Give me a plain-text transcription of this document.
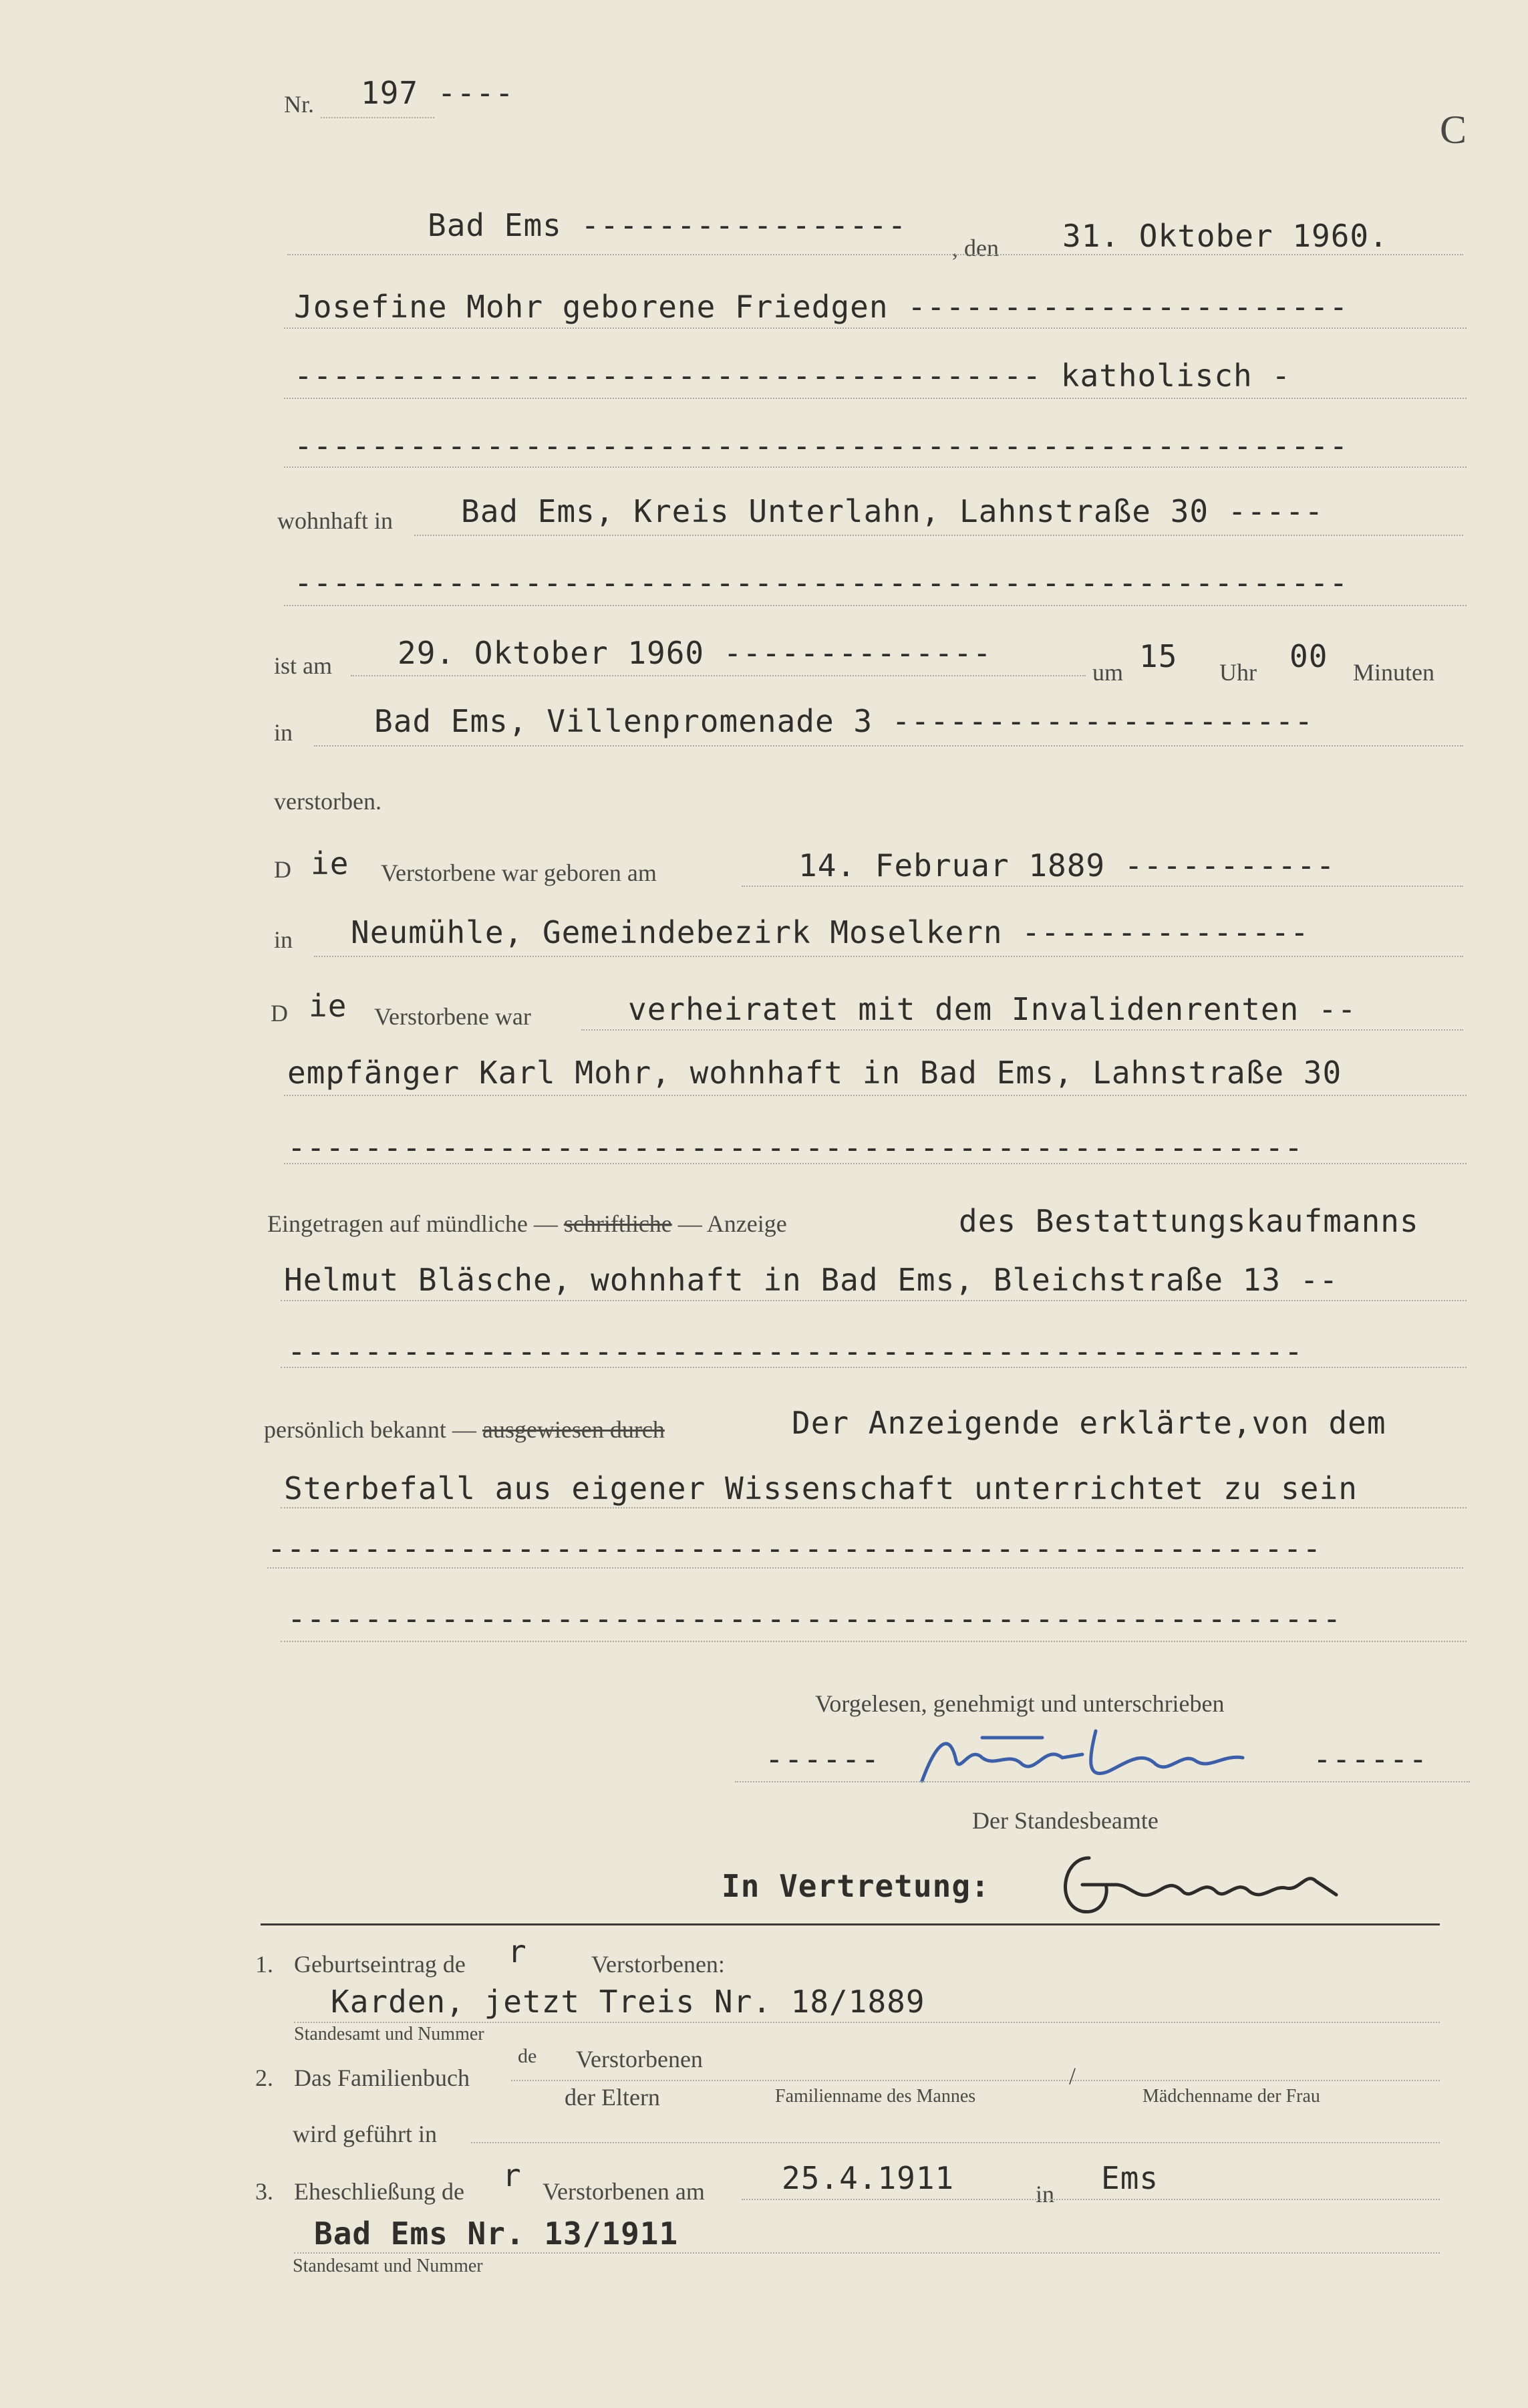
Nr. 197 ----
C
Bad Ems -----------------
, den 31. Oktober 1960.
Josefine Mohr geborene Friedgen -----------------------
--------------------------------------- katholisch -
-------------------------------------------------------
wohnhaft in Bad Ems, Kreis Unterlahn, Lahnstraße 30 -----
-------------------------------------------------------
ist am 29. Oktober 1960 --------------
um 15 Uhr 00 Minuten
in	Bad Ems, Villenpromenade 3 ----------------------
verstorben.
D ie Verstorbene war geboren am	14. Februar 1889 -----------
in Neumühle, Gemeindebezirk Moselkern ---------------
D ie Verstorbene war	verheiratet mit dem Invalidenrenten --
empfänger Karl Mohr, wohnhaft in Bad Ems, Lahnstraße 30
-----------------------------------------------------
Eingetragen auf mündliche — schriftliche — Anzeige	des Bestattungskaufmanns
Helmut Bläsche, wohnhaft in Bad Ems, Bleichstraße 13 --
-----------------------------------------------------
persönlich bekannt — ausgewiesen durch	Der Anzeigende erklärte,von dem
Sterbefall aus eigener Wissenschaft unterrichtet zu sein
-------------------------------------------------------
-------------------------------------------------------
Vorgelesen, genehmigt und unterschrieben
------
Helmut Bläsche
------
Der Standesbeamte
In Vertretung:
1. Geburtseintrag de r	Verstorbenen:
Karden, jetzt Treis Nr. 18/1889
Standesamt und Nummer
2. Das Familienbuch
de Verstorbenen
der Eltern	Familienname des Mannes
/
Mädchenname der Frau
wird geführt in
3. Eheschließung de r Verstorbenen am	25.4.1911	in Ems
Bad Ems Nr. 13/1911
Standesamt und Nummer
